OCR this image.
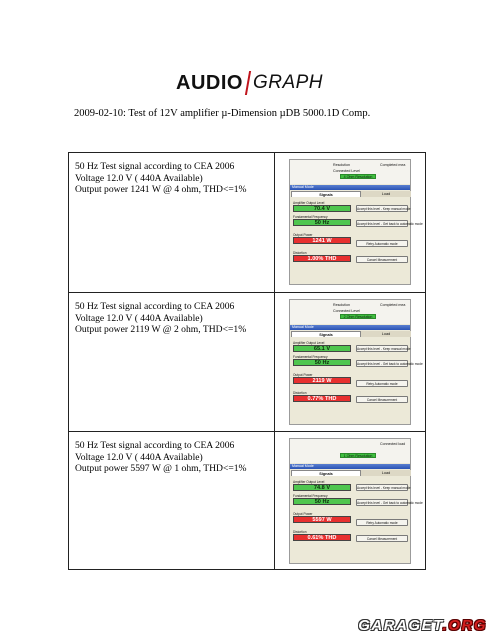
AUDIO GRAPH
2009-02-10: Test of 12V amplifier µ-Dimension µDB 5000.1D Comp.
50 Hz Test signal according to CEA 2006
Voltage 12.0 V ( 440A Available)
Output power 1241 W @ 4 ohm, THD<=1%
Resolution
Connected Level
Completed mea
4 Ohm Resolution
Manual Mode
Signals	Load
Amplifier Output Level
70.4 V
Fundamental Frequency
50 Hz
Output Power
1241 W
Distortion
1.00% THD
Accept this level - Keep manual mode
Accept this level - Get back to automatic mode
Retry Automatic mode
Cancel Measurement
50 Hz Test signal according to CEA 2006
Voltage 12.0 V ( 440A Available)
Output power 2119 W @ 2 ohm, THD<=1%
Resolution
Connected Level
Completed mea
2 Ohm Resolution
Manual Mode
Signals	Load
Amplifier Output Level
65.1 V
Fundamental Frequency
50 Hz
Output Power
2119 W
Distortion
0.77% THD
Accept this level - Keep manual mode
Accept this level - Get back to automatic mode
Retry Automatic mode
Cancel Measurement
50 Hz Test signal according to CEA 2006
Voltage 12.0 V ( 440A Available)
Output power 5597 W @ 1 ohm, THD<=1%
Connected load
1 Ohm Resolution
Manual Mode
Signals	Load
Amplifier Output Level
74.8 V
Fundamental Frequency
50 Hz
Output Power
5597 W
Distortion
0.61% THD
Accept this level - Keep manual mode
Accept this level - Get back to automatic mode
Retry Automatic mode
Cancel Measurement
GARAGET.ORG
